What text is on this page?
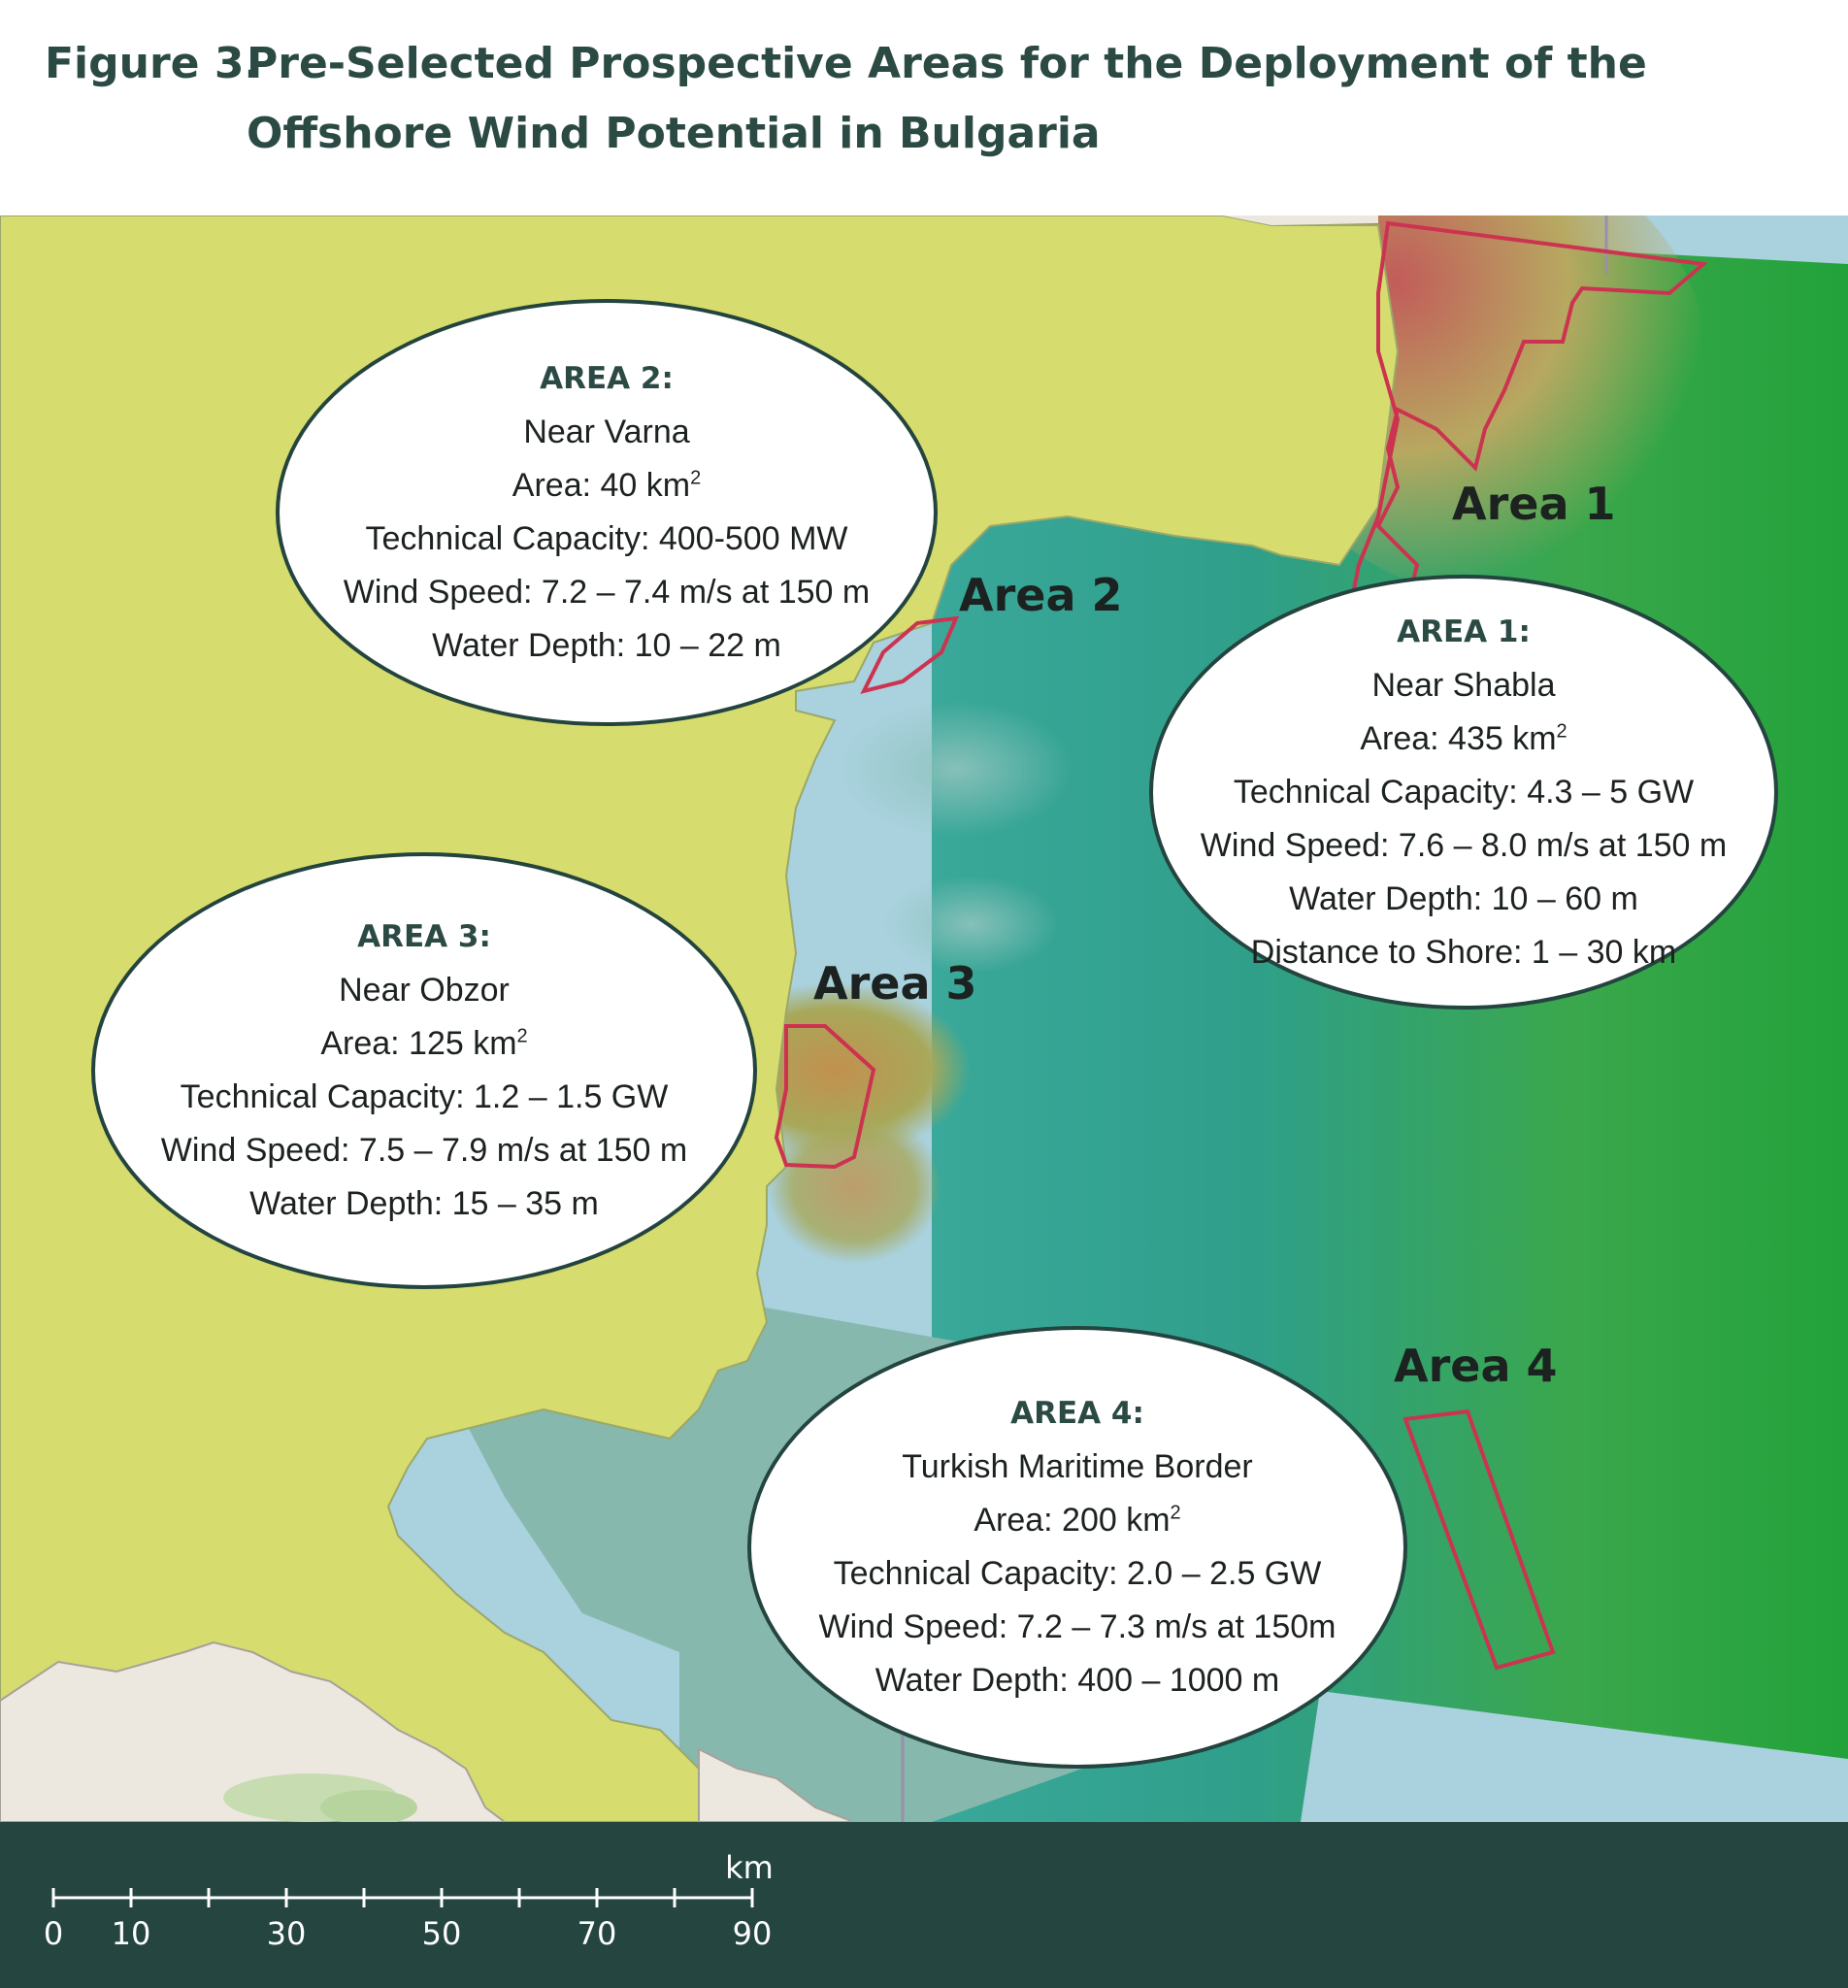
Figure 3.
Pre-Selected Prospective Areas for the Deployment of the Offshore Wind Potential in Bulgaria
Area 1
Area 2
Area 3
Area 4
AREA 2:
Near Varna
Area: 40 $km^2$
Technical Capacity: 400-500 MW
Wind Speed: 7.2 – 7.4 m/s at 150 m
Water Depth: 10 – 22 m	AREA 1:
Near Shabla
Area: 435 $km^2$
Technical Capacity: 4.3 – 5 GW
Wind Speed: 7.6 – 8.0 m/s at 150 m
Water Depth: 10 – 60 m
Distance to Shore: 1 – 30 km
AREA 3:
Near Obzor
Area: 125 $km^2$
Technical Capacity: 1.2 – 1.5 GW
Wind Speed: 7.5 – 7.9 m/s at 150 m
Water Depth: 15 – 35 m
AREA 4:
Turkish Maritime Border
Area: 200 $km^2$
Technical Capacity: 2.0 – 2.5 GW
Wind Speed: 7.2 – 7.3 m/s at 150m
Water Depth: 400 – 1000 m
km
0 10	30	50	70	90
